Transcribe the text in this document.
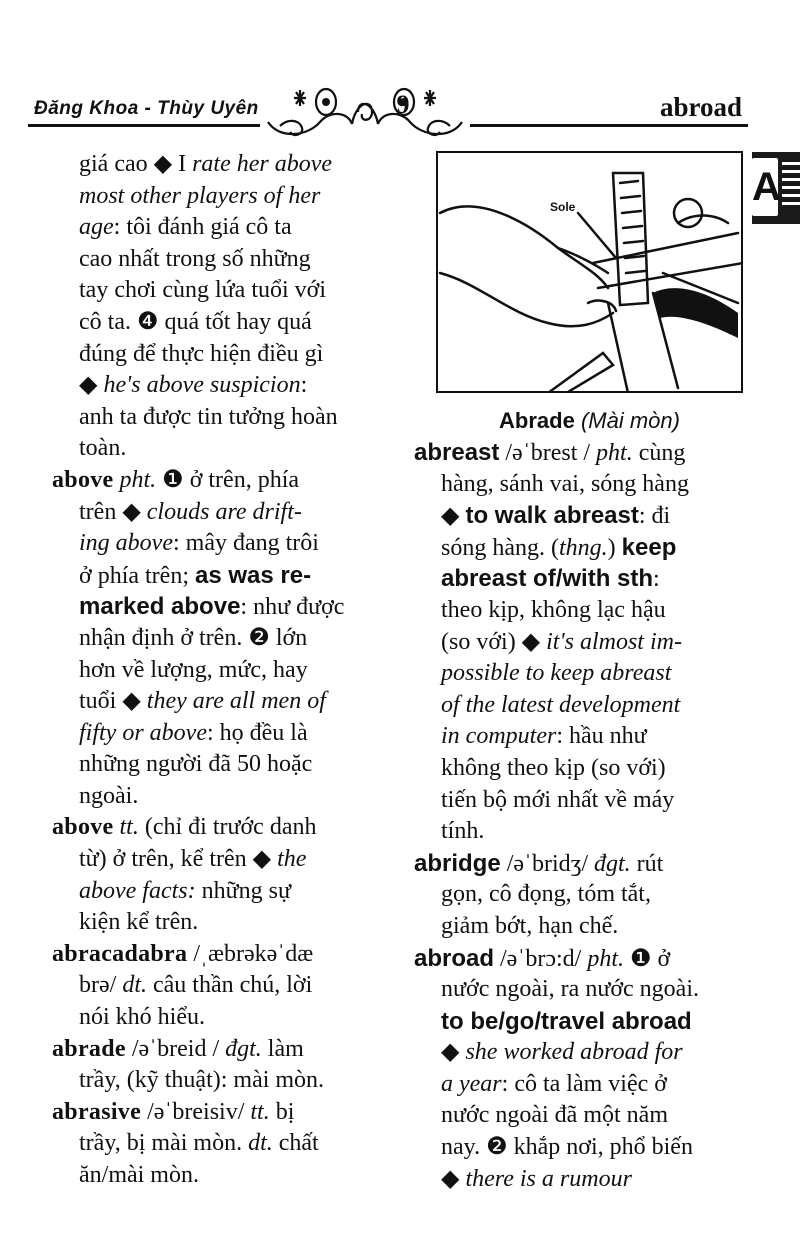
Đăng Khoa - Thùy Uyên	9	abroad
A
Sole
Abrade (Mài mòn)
giá cao ◆ I rate her above
most other players of her
age: tôi đánh giá cô ta
cao nhất trong số những
tay chơi cùng lứa tuổi với
cô ta. ❹ quá tốt hay quá
đúng để thực hiện điều gì
◆ he's above suspicion:
anh ta được tin tưởng hoàn
toàn.
above pht. ❶ ở trên, phía
trên ◆ clouds are drift-
ing above: mây đang trôi
ở phía trên; as was re-
marked above: như được
nhận định ở trên. ❷ lớn
hơn về lượng, mức, hay
tuổi ◆ they are all men of
fifty or above: họ đều là
những người đã 50 hoặc
ngoài.
above tt. (chỉ đi trước danh
từ) ở trên, kể trên ◆ the
above facts: những sự
kiện kể trên.
abracadabra /ˌæbrəkəˈdæ
brə/ dt. câu thần chú, lời
nói khó hiểu.
abrade /əˈbreid / đgt. làm
trầy, (kỹ thuật): mài mòn.
abrasive /əˈbreisiv/ tt. bị
trầy, bị mài mòn. dt. chất
ăn/mài mòn.
abreast /əˈbrest / pht. cùng
hàng, sánh vai, sóng hàng
◆ to walk abreast: đi
sóng hàng. (thng.) keep
abreast of/with sth:
theo kịp, không lạc hậu
(so với) ◆ it's almost im-
possible to keep abreast
of the latest development
in computer: hầu như
không theo kịp (so với)
tiến bộ mới nhất về máy
tính.
abridge /əˈbridʒ/ đgt. rút
gọn, cô đọng, tóm tắt,
giảm bớt, hạn chế.
abroad /əˈbrɔ:d/ pht. ❶ ở
nước ngoài, ra nước ngoài.
to be/go/travel abroad
◆ she worked abroad for
a year: cô ta làm việc ở
nước ngoài đã một năm
nay. ❷ khắp nơi, phổ biến
◆ there is a rumour
